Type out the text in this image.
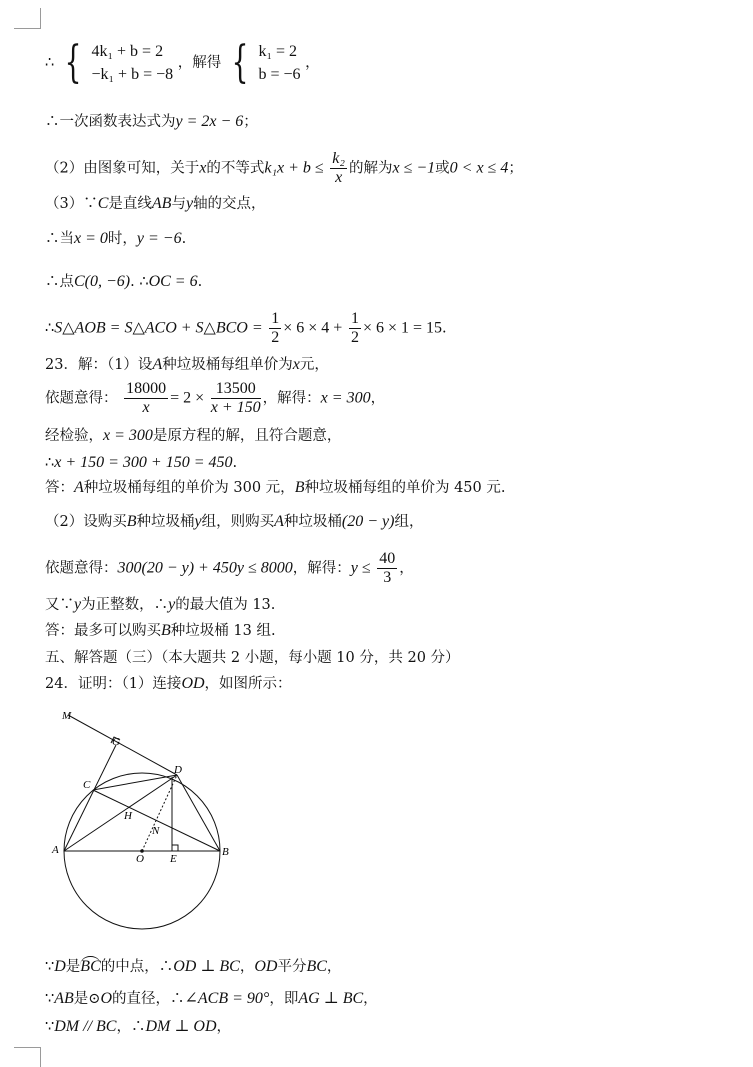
∴ { 4k₁ + b = 2
−k₁ + b = −8
，解得 { k₁ = 2
b = −6
，
∴一次函数表达式为y = 2x − 6；
（2）由图象可知，关于x的不等式$k_1x + b \le \frac{\text{k₂}}{x}$ 的解为x ≤ −1或0 < x ≤ 4；
（3）∵C是直线AB与y轴的交点，
∴当x = 0时，y = −6.
∴点C(0, −6). ∴OC = 6.
∴S△AOB = S△ACO + S△BCO = $\frac{1}{2} \times 6 \times 4 + \frac{1}{2} \times 6 \times 1 = 15$.
23．解：（1）设A种垃圾桶每组单价为x元，
依题意得： $\frac{18000}{x} = 2 \times \frac{13500}{x + 150}$ ，解得：x = 300，
经检验，x = 300是原方程的解，且符合题意，
∴x + 150 = 300 + 150 = 450.
答：A种垃圾桶每组的单价为 300 元，B种垃圾桶每组的单价为 450 元.
（2）设购买B种垃圾桶y组，则购买A种垃圾桶(20 − y)组，
依题意得：300(20 − y) + 450y ≤ 8000，解得：$y \le \frac{40}{3}$ ，
又∵y为正整数，∴y的最大值为 13.
答：最多可以购买B种垃圾桶 13 组.
五、解答题（三）（本大题共 2 小题，每小题 10 分，共 20 分）
24．证明：（1）连接OD，如图所示：
M
G
D
C
H
N
A
O E
B
∵D是BC的中点，∴OD ⊥ BC，OD平分BC，
∵AB是⊙O的直径，∴∠ACB = 90°，即AG ⊥ BC，
∵DM // BC，∴DM ⊥ OD，
